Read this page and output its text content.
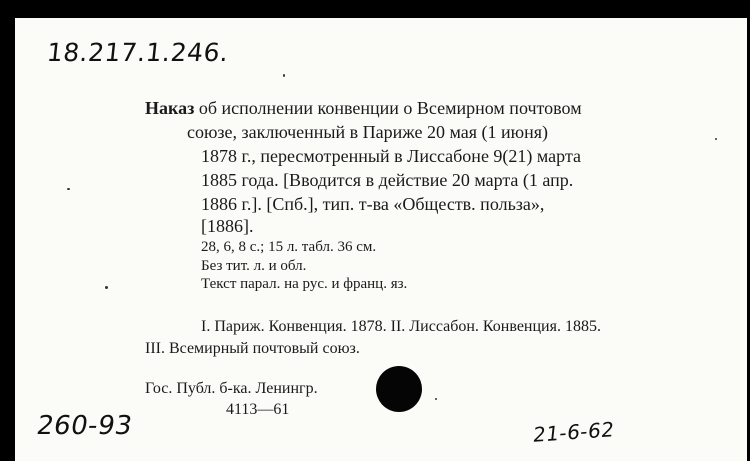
18.217.1.246.
Наказ об исполнении конвенции о Всемирном почтовом
союзе, заключенный в Париже 20 мая (1 июня)
1878 г., пересмотренный в Лиссабоне 9(21) марта
1885 года. [Вводится в действие 20 марта (1 апр.
1886 г.]. [Спб.], тип. т-ва «Обществ. польза»,
[1886].
28, 6, 8 с.; 15 л. табл. 36 см.
Без тит. л. и обл.
Текст парал. на рус. и франц. яз.
I. Париж. Конвенция. 1878. II. Лиссабон. Конвенция. 1885.
III. Всемирный почтовый союз.
Гос. Публ. б-ка. Ленингр.
4113—61
260-93	21-6-62
